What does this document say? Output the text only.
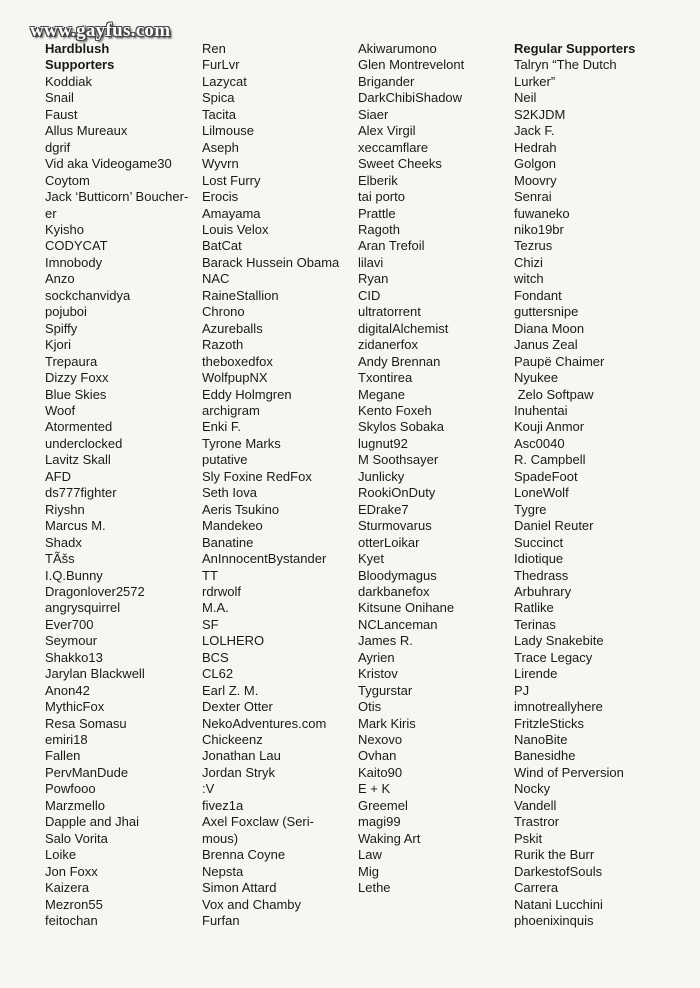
www.gayfus.com
Hardblush
Supporters
Koddiak
Snail
Faust
Allus Mureaux
dgrif
Vid aka Videogame30
Coytom
Jack ‘Butticorn’ Boucher-
er
Kyisho
CODYCAT
Imnobody
Anzo
sockchanvidya
pojuboi
Spiffy
Kjori
Trepaura
Dizzy Foxx
Blue Skies
Woof
Atormented
underclocked
Lavitz Skall
AFD
ds777fighter
Riyshn
Marcus M.
Shadx
TÃšs
I.Q.Bunny
Dragonlover2572
angrysquirrel
Ever700
Seymour
Shakko13
Jarylan Blackwell
Anon42
MythicFox
Resa Somasu
emiri18
Fallen
PervManDude
Powfooo
Marzmello
Dapple and Jhai
Salo Vorita
Loike
Jon Foxx
Kaizera
Mezron55
feitochan
Ren
FurLvr
Lazycat
Spica
Tacita
Lilmouse
Aseph
Wyvrn
Lost Furry
Erocis
Amayama
Louis Velox
BatCat
Barack Hussein Obama
NAC
RaineStallion
Chrono
Azureballs
Razoth
theboxedfox
WolfpupNX
Eddy Holmgren
archigram
Enki F.
Tyrone Marks
putative
Sly Foxine RedFox
Seth Iova
Aeris Tsukino
Mandekeo
Banatine
AnInnocentBystander
TT
rdrwolf
M.A.
SF
LOLHERO
BCS
CL62
Earl Z. M.
Dexter Otter
NekoAdventures.com
Chickeenz
Jonathan Lau
Jordan Stryk
:V
fivez1a
Axel Foxclaw (Seri-
mous)
Brenna Coyne
Nepsta
Simon Attard
Vox and Chamby
Furfan
Akiwarumono
Glen Montrevelont
Brigander
DarkChibiShadow
Siaer
Alex Virgil
xeccamflare
Sweet Cheeks
Elberik
tai porto
Prattle
Ragoth
Aran Trefoil
lilavi
Ryan
CID
ultratorrent
digitalAlchemist
zidanerfox
Andy Brennan
Txontirea
Megane
Kento Foxeh
Skylos Sobaka
lugnut92
M Soothsayer
Junlicky
RookiOnDuty
EDrake7
Sturmovarus
otterLoikar
Kyet
Bloodymagus
darkbanefox
Kitsune Onihane
NCLanceman
James R.
Ayrien
Kristov
Tygurstar
Otis
Mark Kiris
Nexovo
Ovhan
Kaito90
E + K
Greemel
magi99
Waking Art
Law
Mig
Lethe
Regular Supporters
Talryn “The Dutch
Lurker”
Neil
S2KJDM
Jack F.
Hedrah
Golgon
Moovry
Senrai
fuwaneko
niko19br
Tezrus
Chizi
witch
Fondant
guttersnipe
Diana Moon
Janus Zeal
Paupë Chaimer
Nyukee
Zelo Softpaw
Inuhentai
Kouji Anmor
Asc0040
R. Campbell
SpadeFoot
LoneWolf
Tygre
Daniel Reuter
Succinct
Idiotique
Thedrass
Arbuhrary
Ratlike
Terinas
Lady Snakebite
Trace Legacy
Lirende
PJ
imnotreallyhere
FritzleSticks
NanoBite
Banesidhe
Wind of Perversion
Nocky
Vandell
Trastror
Pskit
Rurik the Burr
DarkestofSouls
Carrera
Natani Lucchini
phoenixinquis
